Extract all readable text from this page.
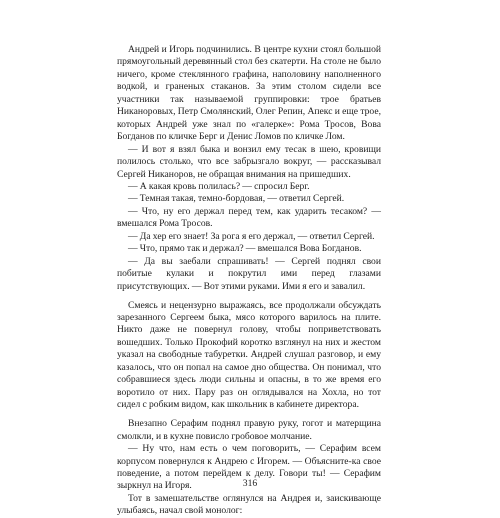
Андрей и Игорь подчинились. В центре кухни стоял большой прямоугольный деревянный стол без скатерти. На столе не было ничего, кроме стеклянного графина, наполовину наполненного водкой, и граненых стаканов. За этим столом сидели все участники так называемой группировки: трое братьев Никаноровых, Петр Смолянский, Олег Репин, Апекс и еще трое, которых Андрей уже знал по «галерке»: Рома Тросов, Вова Богданов по кличке Берг и Денис Ломов по кличке Лом.

— И вот я взял быка и вонзил ему тесак в шею, кровищи полилось столько, что все забрызгало вокруг, — рассказывал Сергей Никаноров, не обращая внимания на пришедших.

— А какая кровь полилась? — спросил Берг.

— Темная такая, темно-бордовая, — ответил Сергей.

— Что, ну его держал перед тем, как ударить тесаком? — вмешался Рома Тросов.

— Да хер его знает! За рога я его держал, — ответил Сергей.

— Что, прямо так и держал? — вмешался Вова Богданов.

— Да вы заебали спрашивать! — Сергей поднял свои побитые кулаки и покрутил ими перед глазами присутствующих. — Вот этими руками. Ими я его и завалил.

Смеясь и нецензурно выражаясь, все продолжали обсуждать зарезанного Сергеем быка, мясо которого варилось на плите. Никто даже не повернул голову, чтобы поприветствовать вошедших. Только Прокофий коротко взглянул на них и жестом указал на свободные табуретки. Андрей слушал разговор, и ему казалось, что он попал на самое дно общества. Он понимал, что собравшиеся здесь люди сильны и опасны, в то же время его воротило от них. Пару раз он оглядывался на Хохла, но тот сидел с робким видом, как школьник в кабинете директора.

Внезапно Серафим поднял правую руку, гогот и матерщина смолкли, и в кухне повисло гробовое молчание.

— Ну что, нам есть о чем поговорить, — Серафим всем корпусом повернулся к Андрею с Игорем. — Объясните-ка свое поведение, а потом перейдем к делу. Говори ты! — Серафим зыркнул на Игоря.

Тот в замешательстве оглянулся на Андрея и, заискивающе улыбаясь, начал свой монолог:

316
